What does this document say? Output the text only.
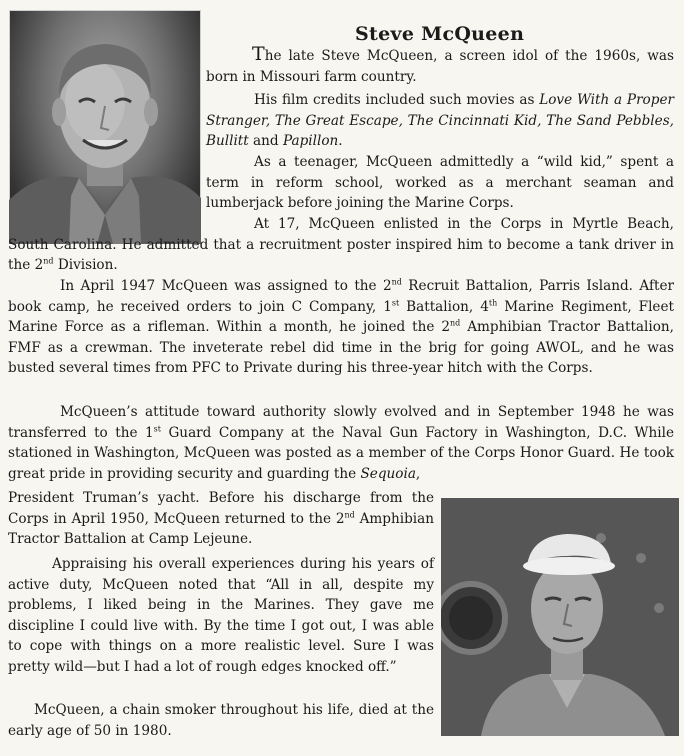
Steve McQueen

The late Steve McQueen, a screen idol of the 1960s, was born in Missouri farm country.

His film credits included such movies as Love With a Proper Stranger, The Great Escape, The Cincinnati Kid, The Sand Pebbles, Bullitt and Papillon.

As a teenager, McQueen admittedly a “wild kid,” spent a term in reform school, worked as a merchant seaman and lumberjack before joining the Marine Corps.

At 17, McQueen enlisted in the Corps in Myrtle Beach, South Carolina. He admitted that a recruitment poster inspired him to become a tank driver in the 2nd Division.

In April 1947 McQueen was assigned to the 2nd Recruit Battalion, Parris Island. After book camp, he received orders to join C Company, 1st Battalion, 4th Marine Regiment, Fleet Marine Force as a rifleman. Within a month, he joined the 2nd Amphibian Tractor Battalion, FMF as a crewman. The inveterate rebel did time in the brig for going AWOL, and he was busted several times from PFC to Private during his three-year hitch with the Corps.

McQueen’s attitude toward authority slowly evolved and in September 1948 he was transferred to the 1st Guard Company at the Naval Gun Factory in Washington, D.C. While stationed in Washington, McQueen was posted as a member of the Corps Honor Guard. He took great pride in providing security and guarding the Sequoia,

President Truman’s yacht. Before his discharge from the Corps in April 1950, McQueen returned to the 2nd Amphibian Tractor Battalion at Camp Lejeune.

Appraising his overall experiences during his years of active duty, McQueen noted that “All in all, despite my problems, I liked being in the Marines. They gave me discipline I could live with. By the time I got out, I was able to cope with things on a more realistic level. Sure I was pretty wild—but I had a lot of rough edges knocked off.”

McQueen, a chain smoker throughout his life, died at the early age of 50 in 1980.
